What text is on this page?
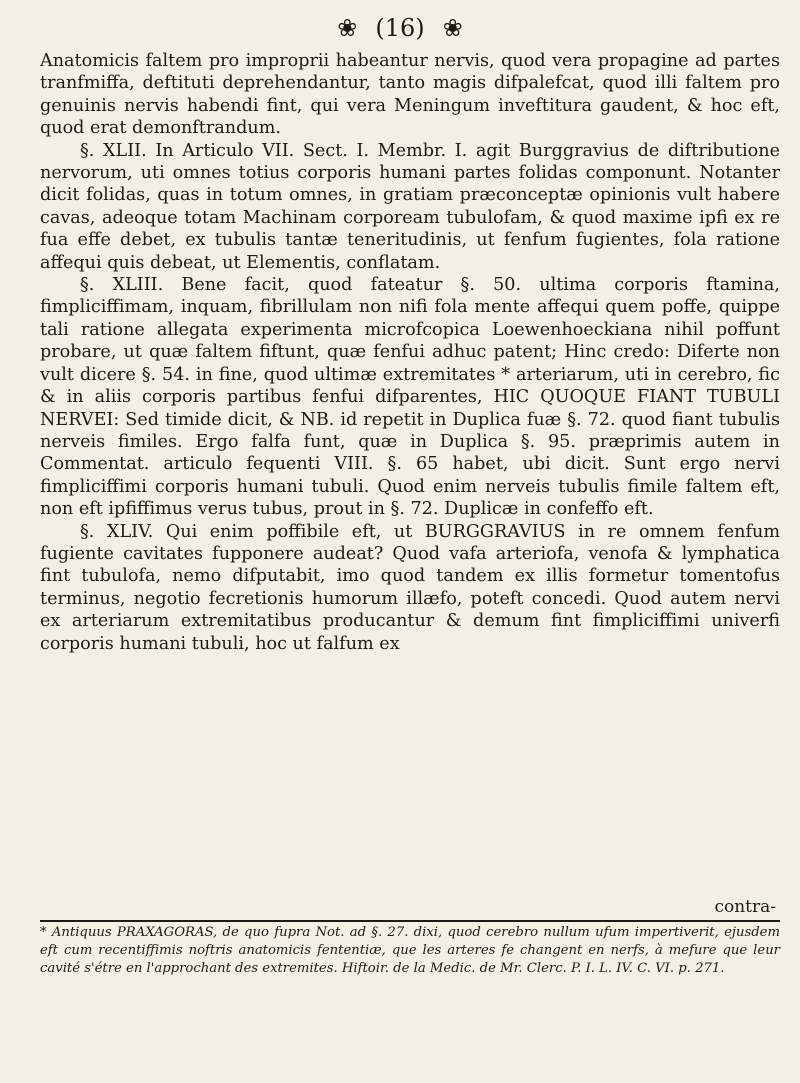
❀ (16) ❀

Anatomicis faltem pro improprii habeantur nervis, quod vera propagine ad partes tranfmiffa, deftituti deprehendantur, tanto magis difpalefcat, quod illi faltem pro genuinis nervis habendi fint, qui vera Meningum inveftitura gaudent, & hoc eft, quod erat demonftrandum.

§. XLII. In Articulo VII. Sect. I. Membr. I. agit Burggravius de diftributione nervorum, uti omnes totius corporis humani partes folidas componunt. Notanter dicit folidas, quas in totum omnes, in gratiam præconceptæ opinionis vult habere cavas, adeoque totam Machinam corpoream tubulofam, & quod maxime ipfi ex re fua effe debet, ex tubulis tantæ teneritudinis, ut fenfum fugientes, fola ratione affequi quis debeat, ut Elementis, conflatam.

§. XLIII. Bene facit, quod fateatur §. 50. ultima corporis ftamina, fimpliciffimam, inquam, fibrillulam non nifi fola mente affequi quem poffe, quippe tali ratione allegata experimenta microfcopica Loewenhoeckiana nihil poffunt probare, ut quæ faltem fiftunt, quæ fenfui adhuc patent; Hinc credo: Diferte non vult dicere §. 54. in fine, quod ultimæ extremitates * arteriarum, uti in cerebro, fic & in aliis corporis partibus fenfui difparentes, HIC QUOQUE FIANT TUBULI NERVEI: Sed timide dicit, & NB. id repetit in Duplica fuæ §. 72. quod fiant tubulis nerveis fimiles. Ergo falfa funt, quæ in Duplica §. 95. præprimis autem in Commentat. articulo fequenti VIII. §. 65 habet, ubi dicit. Sunt ergo nervi fimpliciffimi corporis humani tubuli. Quod enim nerveis tubulis fimile faltem eft, non eft ipfiffimus verus tubus, prout in §. 72. Duplicæ in confeffo eft.

§. XLIV. Qui enim poffibile eft, ut BURGGRAVIUS in re omnem fenfum fugiente cavitates fupponere audeat? Quod vafa arteriofa, venofa & lymphatica fint tubulofa, nemo difputabit, imo quod tandem ex illis formetur tomentofus terminus, negotio fecretionis humorum illæfo, poteft concedi. Quod autem nervi ex arteriarum extremitatibus producantur & demum fint fimpliciffimi univerfi corporis humani tubuli, hoc ut falfum ex

contra-

* Antiquus PRAXAGORAS, de quo fupra Not. ad §. 27. dixi, quod cerebro nullum ufum impertiverit, ejusdem eft cum recentiffimis noftris anatomicis fententiæ, que les arteres fe changent en nerfs, à mefure que leur cavité s'étre en l'approchant des extremites. Hiftoir. de la Medic. de Mr. Clerc. P. I. L. IV. C. VI. p. 271.
